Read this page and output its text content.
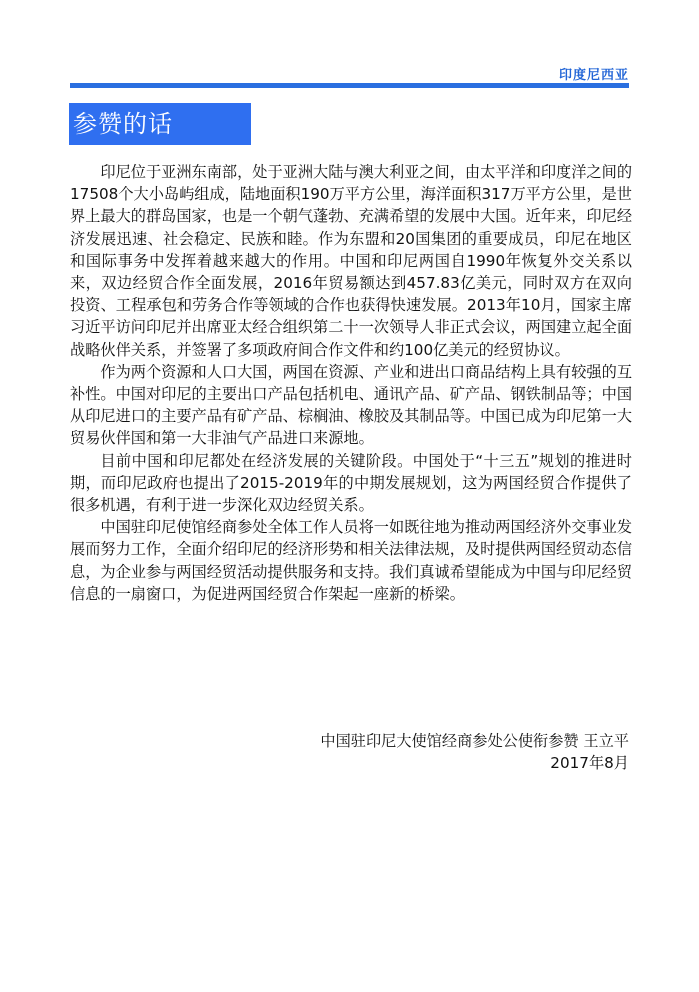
印度尼西亚
参赞的话

印尼位于亚洲东南部，处于亚洲大陆与澳大利亚之间，由太平洋和印度洋之间的17508个大小岛屿组成，陆地面积190万平方公里，海洋面积317万平方公里，是世界上最大的群岛国家，也是一个朝气蓬勃、充满希望的发展中大国。近年来，印尼经济发展迅速、社会稳定、民族和睦。作为东盟和20国集团的重要成员，印尼在地区和国际事务中发挥着越来越大的作用。中国和印尼两国自1990年恢复外交关系以来，双边经贸合作全面发展，2016年贸易额达到457.83亿美元，同时双方在双向投资、工程承包和劳务合作等领域的合作也获得快速发展。2013年10月，国家主席习近平访问印尼并出席亚太经合组织第二十一次领导人非正式会议，两国建立起全面战略伙伴关系，并签署了多项政府间合作文件和约100亿美元的经贸协议。

作为两个资源和人口大国，两国在资源、产业和进出口商品结构上具有较强的互补性。中国对印尼的主要出口产品包括机电、通讯产品、矿产品、钢铁制品等；中国从印尼进口的主要产品有矿产品、棕榈油、橡胶及其制品等。中国已成为印尼第一大贸易伙伴国和第一大非油气产品进口来源地。

目前中国和印尼都处在经济发展的关键阶段。中国处于“十三五”规划的推进时期，而印尼政府也提出了2015-2019年的中期发展规划，这为两国经贸合作提供了很多机遇，有利于进一步深化双边经贸关系。

中国驻印尼使馆经商参处全体工作人员将一如既往地为推动两国经济外交事业发展而努力工作，全面介绍印尼的经济形势和相关法律法规，及时提供两国经贸动态信息，为企业参与两国经贸活动提供服务和支持。我们真诚希望能成为中国与印尼经贸信息的一扇窗口，为促进两国经贸合作架起一座新的桥梁。

中国驻印尼大使馆经商参处公使衔参赞 王立平
2017年8月
